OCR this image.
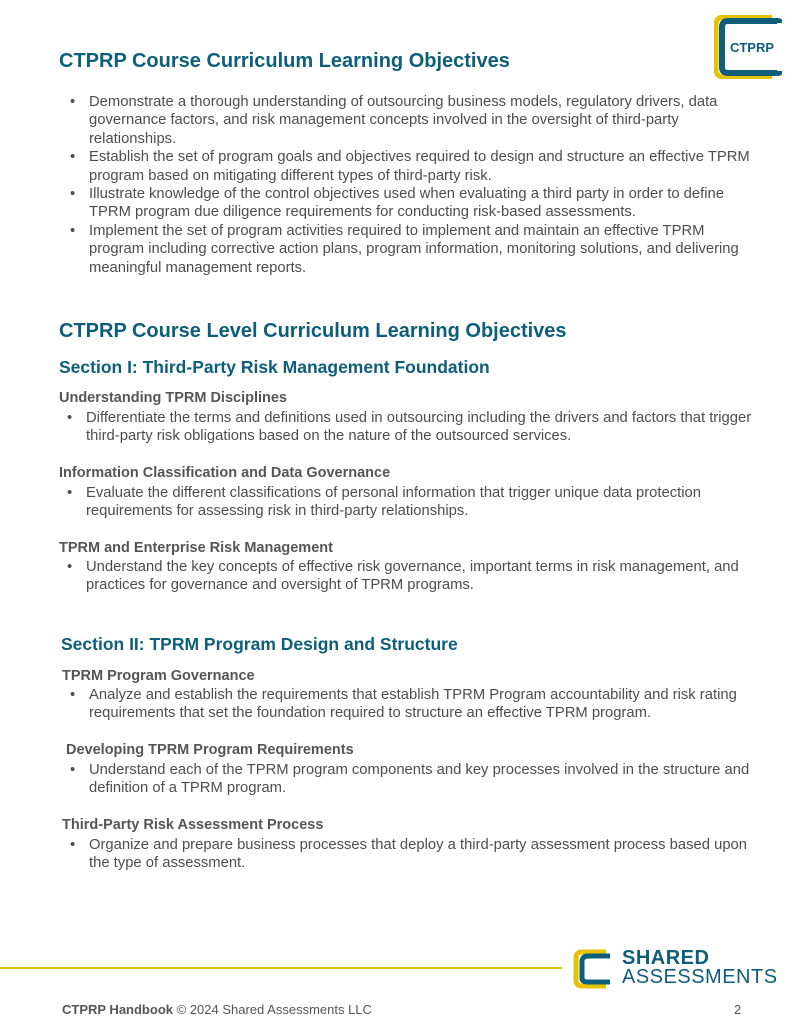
CTPRP
CTPRP Course Curriculum Learning Objectives
• Demonstrate a thorough understanding of outsourcing business models, regulatory drivers, data governance factors, and risk management concepts involved in the oversight of third-party relationships.
• Establish the set of program goals and objectives required to design and structure an effective TPRM program based on mitigating different types of third-party risk.
• Illustrate knowledge of the control objectives used when evaluating a third party in order to define TPRM program due diligence requirements for conducting risk-based assessments.
• Implement the set of program activities required to implement and maintain an effective TPRM program including corrective action plans, program information, monitoring solutions, and delivering meaningful management reports.
CTPRP Course Level Curriculum Learning Objectives
Section I: Third-Party Risk Management Foundation
Understanding TPRM Disciplines
• Differentiate the terms and definitions used in outsourcing including the drivers and factors that trigger third-party risk obligations based on the nature of the outsourced services.
Information Classification and Data Governance
• Evaluate the different classifications of personal information that trigger unique data protection requirements for assessing risk in third-party relationships.
TPRM and Enterprise Risk Management
• Understand the key concepts of effective risk governance, important terms in risk management, and practices for governance and oversight of TPRM programs.
Section II: TPRM Program Design and Structure
TPRM Program Governance
• Analyze and establish the requirements that establish TPRM Program accountability and risk rating requirements that set the foundation required to structure an effective TPRM program.
Developing TPRM Program Requirements
• Understand each of the TPRM program components and key processes involved in the structure and definition of a TPRM program.
Third-Party Risk Assessment Process
• Organize and prepare business processes that deploy a third-party assessment process based upon the type of assessment.
SHARED
ASSESSMENTS
CTPRP Handbook © 2024 Shared Assessments LLC	2
